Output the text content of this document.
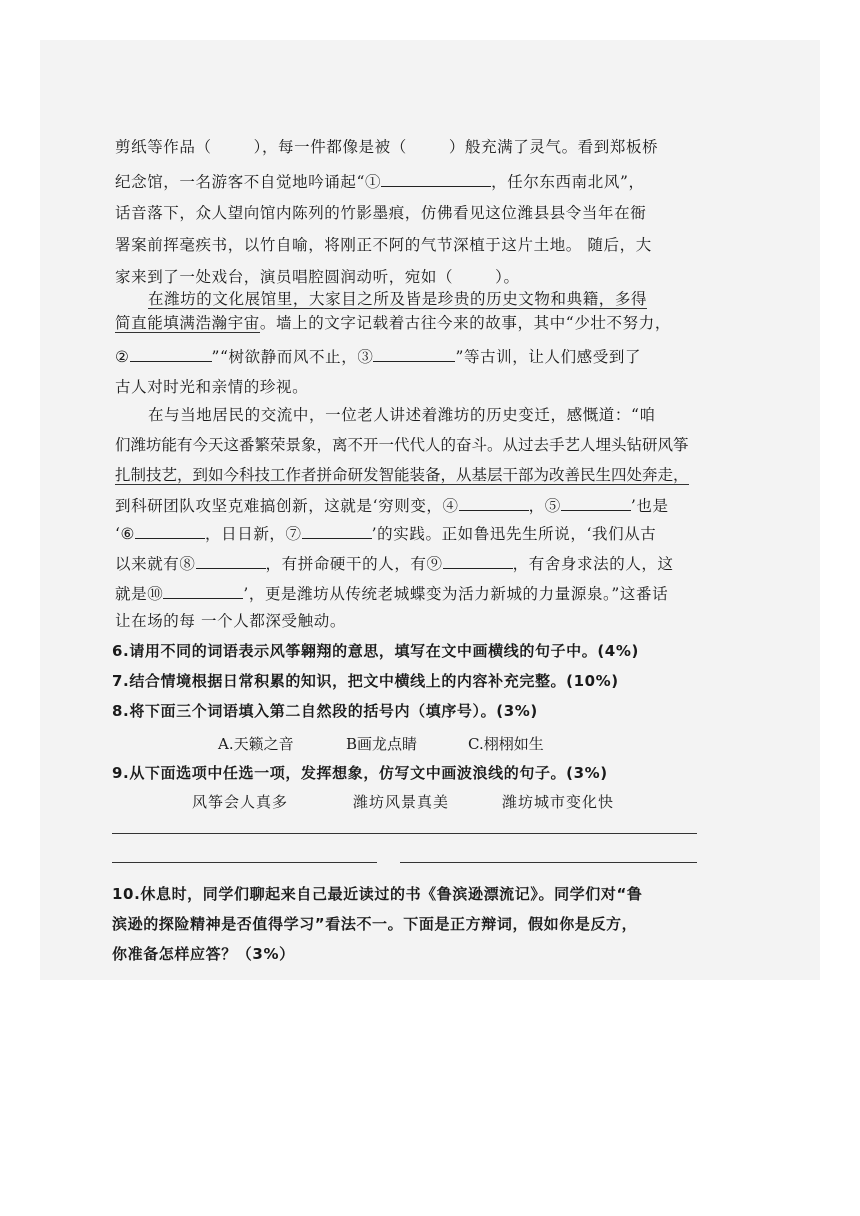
剪纸等作品（	），每一件都像是被（	）般充满了灵气。看到郑板桥
纪念馆，一名游客不自觉地吟诵起“①	，任尔东西南北风”，
话音落下，众人望向馆内陈列的竹影墨痕，仿佛看见这位潍县县令当年在衙
署案前挥毫疾书，以竹自喻，将刚正不阿的气节深植于这片土地。 随后，大
家来到了一处戏台，演员唱腔圆润动听，宛如（	）。
在潍坊的文化展馆里，大家目之所及皆是珍贵的历史文物和典籍，多得
简直能填满浩瀚宇宙。墙上的文字记载着古往今来的故事，其中“少壮不努力，
②	”“树欲静而风不止，③	”等古训，让人们感受到了
古人对时光和亲情的珍视。
在与当地居民的交流中，一位老人讲述着潍坊的历史变迁，感慨道：“咱
们潍坊能有今天这番繁荣景象，离不开一代代人的奋斗。从过去手艺人埋头钻研风筝
扎制技艺，到如今科技工作者拼命研发智能装备，从基层干部为改善民生四处奔走，
到科研团队攻坚克难搞创新，这就是‘穷则变，④	，⑤	’也是
‘⑥	，日日新，⑦	’的实践。正如鲁迅先生所说，‘我们从古
以来就有⑧	，有拼命硬干的人，有⑨	，有舍身求法的人，这
就是⑩	’，更是潍坊从传统老城蝶变为活力新城的力量源泉。”这番话
让在场的每 一个人都深受触动。
6.请用不同的词语表示风筝翱翔的意思，填写在文中画横线的句子中。(4%)
7.结合情境根据日常积累的知识，把文中横线上的内容补充完整。(10%)
8.将下面三个词语填入第二自然段的括号内（填序号）。(3%)
A.天籁之音	B画龙点睛	C.栩栩如生
9.从下面选项中任选一项，发挥想象，仿写文中画波浪线的句子。(3%)
风筝会人真多	潍坊风景真美	潍坊城市变化快
10.休息时，同学们聊起来自己最近读过的书《鲁滨逊漂流记》。同学们对“鲁
滨逊的探险精神是否值得学习”看法不一。下面是正方辩词，假如你是反方，
你准备怎样应答？（3%）
